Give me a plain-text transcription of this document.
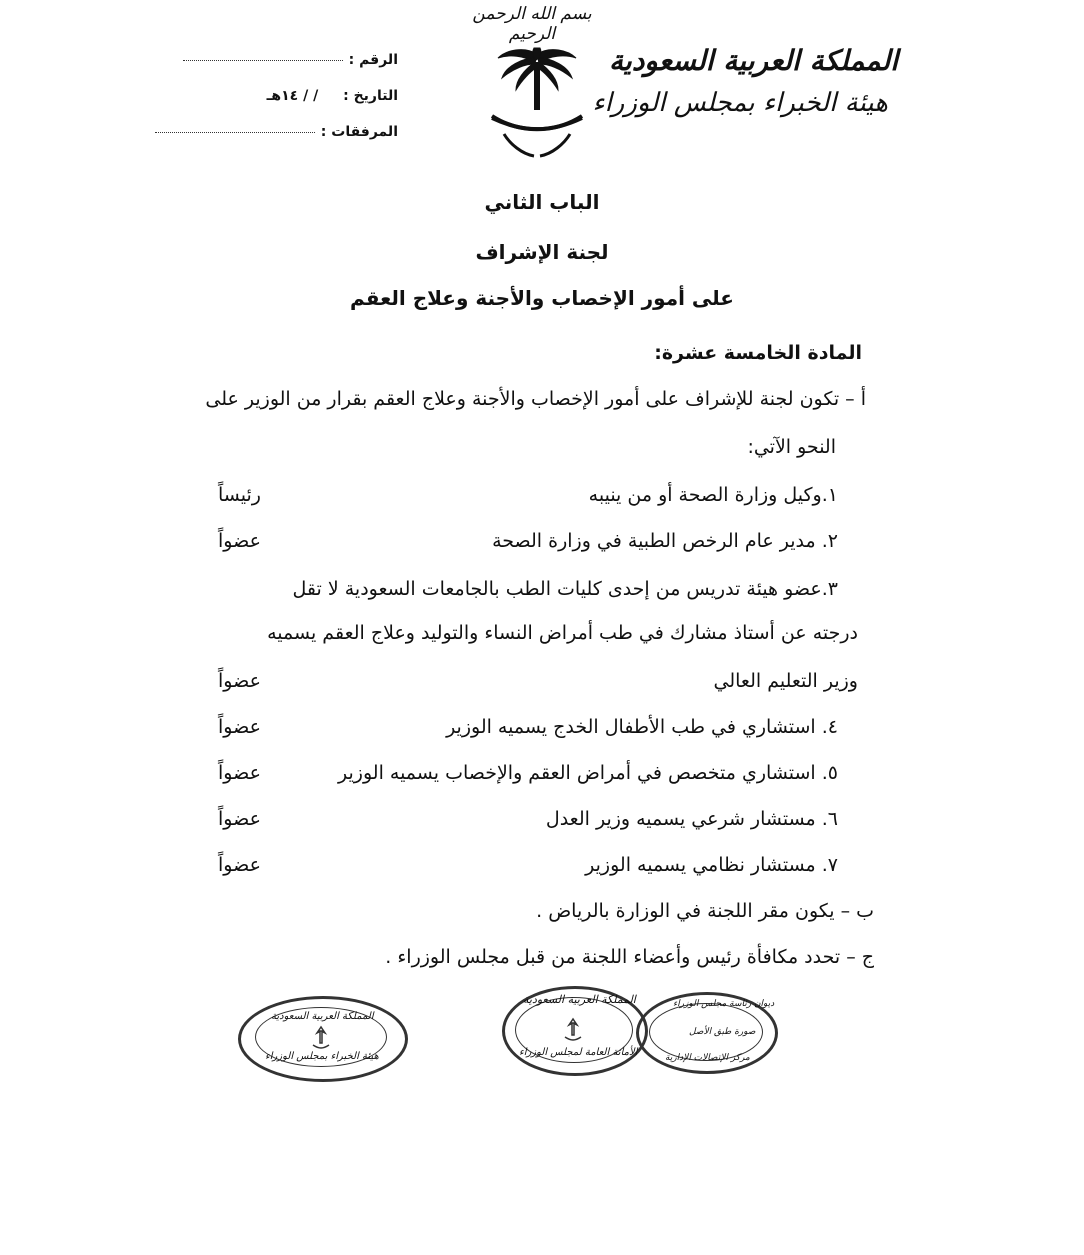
بسم الله الرحمن الرحيم
المملكة العربية السعودية
هيئة الخبراء بمجلس الوزراء
الرقم :
التاريخ : / / ١٤هـ
المرفقات :
الباب الثاني
لجنة الإشراف
على أمور الإخصاب والأجنة وعلاج العقم
المادة الخامسة عشرة:
أ – تكون لجنة للإشراف على أمور الإخصاب والأجنة وعلاج العقم بقرار من الوزير على
النحو الآتي:
١.وكيل وزارة الصحة أو من ينيبه
رئيساً
٢. مدير عام الرخص الطبية في وزارة الصحة
عضواً
٣.عضو هيئة تدريس من إحدى كليات الطب بالجامعات السعودية لا تقل
درجته عن أستاذ مشارك في طب أمراض النساء والتوليد وعلاج العقم يسميه
وزير التعليم العالي
عضواً
٤. استشاري في طب الأطفال الخدج يسميه الوزير
عضواً
٥. استشاري متخصص في أمراض العقم والإخصاب يسميه الوزير
عضواً
٦. مستشار شرعي يسميه وزير العدل
عضواً
٧. مستشار نظامي يسميه الوزير
عضواً
ب – يكون مقر اللجنة في الوزارة بالرياض .
ج – تحدد مكافأة رئيس وأعضاء اللجنة من قبل مجلس الوزراء .
المملكة العربية السعودية
هيئة الخبراء بمجلس الوزراء
المملكة العربية السعودية
الأمانة العامة لمجلس الوزراء
ديوان رئاسة مجلس الوزراء
صورة طبق الأصل
مركز الإتصالات الإدارية
